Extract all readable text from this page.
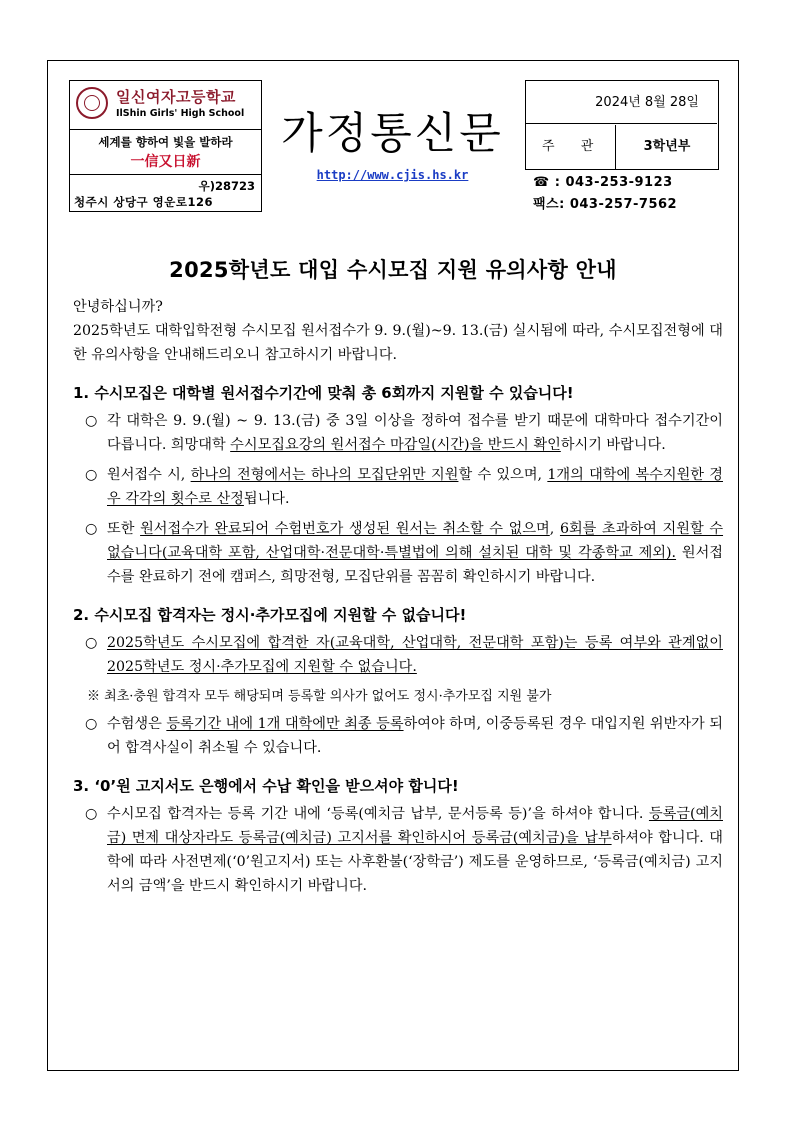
일신여자고등학교
IlShin Girls' High School
세계를 향하여 빛을 발하라
一信又日新
우)28723
청주시 상당구 영운로126
가정통신문
http://www.cjis.hs.kr
2024년 8월 28일
주 관	3학년부
☎ : 043-253-9123
팩스: 043-257-7562
2025학년도 대입 수시모집 지원 유의사항 안내

안녕하십니까?

2025학년도 대학입학전형 수시모집 원서접수가 9. 9.(월)~9. 13.(금) 실시됨에 따라, 수시모집전형에 대한 유의사항을 안내해드리오니 참고하시기 바랍니다.

1. 수시모집은 대학별 원서접수기간에 맞춰 총 6회까지 지원할 수 있습니다!
○ 각 대학은 9. 9.(월) ~ 9. 13.(금) 중 3일 이상을 정하여 접수를 받기 때문에 대학마다 접수기간이 다릅니다. 희망대학 수시모집요강의 원서접수 마감일(시간)을 반드시 확인하시기 바랍니다.
○ 원서접수 시, 하나의 전형에서는 하나의 모집단위만 지원할 수 있으며, 1개의 대학에 복수지원한 경우 각각의 횟수로 산정됩니다.
○ 또한 원서접수가 완료되어 수험번호가 생성된 원서는 취소할 수 없으며, 6회를 초과하여 지원할 수 없습니다(교육대학 포함, 산업대학·전문대학·특별법에 의해 설치된 대학 및 각종학교 제외). 원서접수를 완료하기 전에 캠퍼스, 희망전형, 모집단위를 꼼꼼히 확인하시기 바랍니다.
2. 수시모집 합격자는 정시·추가모집에 지원할 수 없습니다!
○ 2025학년도 수시모집에 합격한 자(교육대학, 산업대학, 전문대학 포함)는 등록 여부와 관계없이 2025학년도 정시·추가모집에 지원할 수 없습니다.
※ 최초·충원 합격자 모두 해당되며 등록할 의사가 없어도 정시·추가모집 지원 불가
○ 수험생은 등록기간 내에 1개 대학에만 최종 등록하여야 하며, 이중등록된 경우 대입지원 위반자가 되어 합격사실이 취소될 수 있습니다.
3. ‘0’원 고지서도 은행에서 수납 확인을 받으셔야 합니다!
○ 수시모집 합격자는 등록 기간 내에 ‘등록(예치금 납부, 문서등록 등)’을 하셔야 합니다. 등록금(예치금) 면제 대상자라도 등록금(예치금) 고지서를 확인하시어 등록금(예치금)을 납부하셔야 합니다. 대학에 따라 사전면제(‘0’원고지서) 또는 사후환불(‘장학금’) 제도를 운영하므로, ‘등록금(예치금) 고지서의 금액’을 반드시 확인하시기 바랍니다.
